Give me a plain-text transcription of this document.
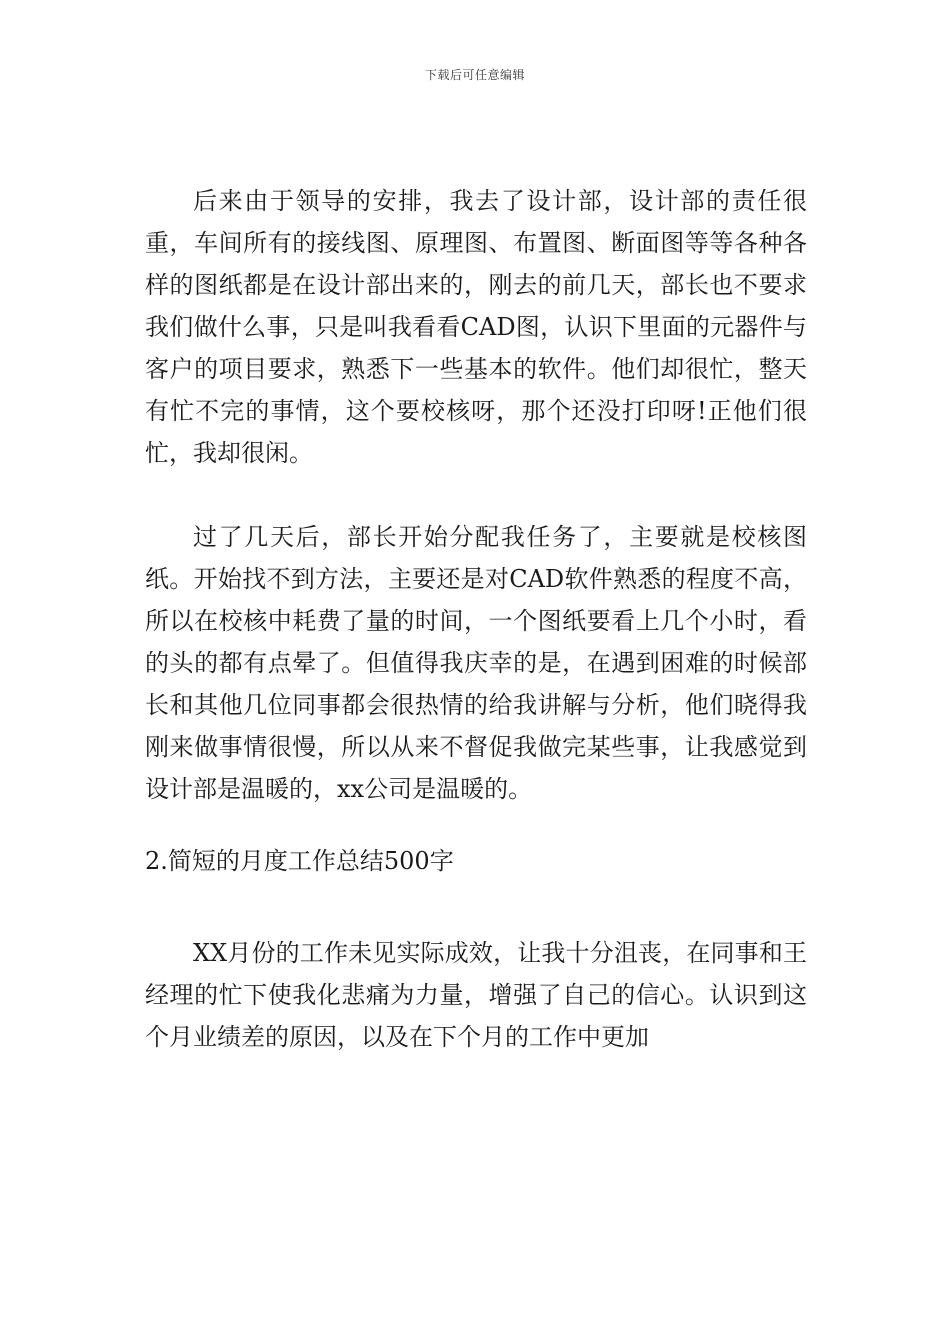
下载后可任意编辑

后来由于领导的安排，我去了设计部，设计部的责任很重，车间所有的接线图、原理图、布置图、断面图等等各种各样的图纸都是在设计部出来的，刚去的前几天，部长也不要求我们做什么事，只是叫我看看CAD图，认识下里面的元器件与客户的项目要求，熟悉下一些基本的软件。他们却很忙，整天有忙不完的事情，这个要校核呀，那个还没打印呀!正他们很忙，我却很闲。

过了几天后，部长开始分配我任务了，主要就是校核图纸。开始找不到方法，主要还是对CAD软件熟悉的程度不高，所以在校核中耗费了量的时间，一个图纸要看上几个小时，看的头的都有点晕了。但值得我庆幸的是，在遇到困难的时候部长和其他几位同事都会很热情的给我讲解与分析，他们晓得我刚来做事情很慢，所以从来不督促我做完某些事，让我感觉到设计部是温暖的，xx公司是温暖的。

2.简短的月度工作总结500字

XX月份的工作未见实际成效，让我十分沮丧，在同事和王经理的忙下使我化悲痛为力量，增强了自己的信心。认识到这个月业绩差的原因，以及在下个月的工作中更加
